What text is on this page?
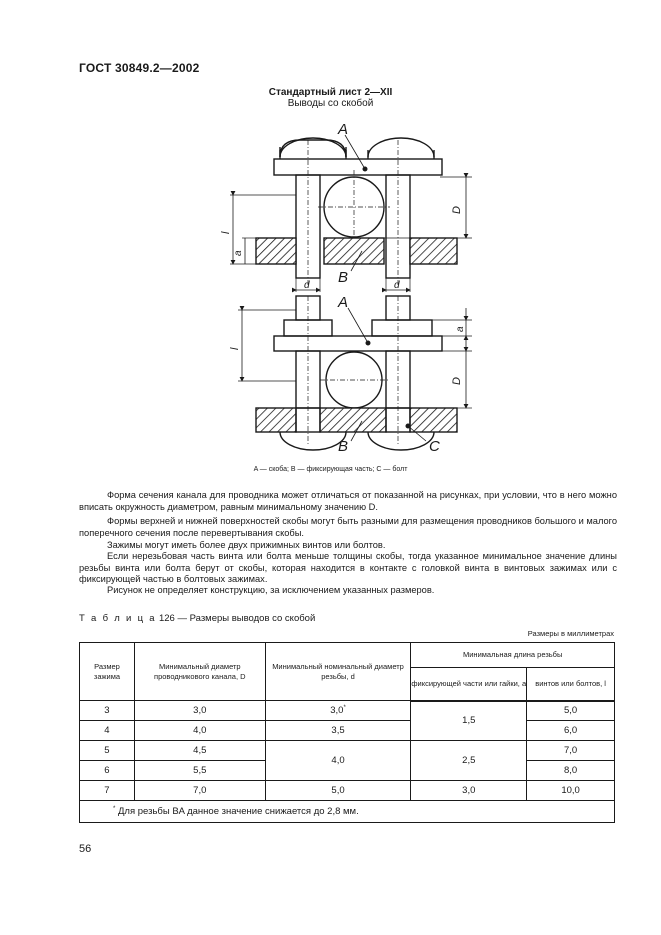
ГОСТ 30849.2—2002
Стандартный лист 2—XII
Выводы со скобой
A
B
d	d
D
l
a
A
a
D
l
B	C
A — скоба; B — фиксирующая часть; C — болт
Форма сечения канала для проводника может отличаться от показанной на рисунках, при условии, что в него можно вписать окружность диаметром, равным минимальному значению D.
Формы верхней и нижней поверхностей скобы могут быть разными для размещения проводников большого и малого поперечного сечения после перевертывания скобы.
Зажимы могут иметь более двух прижимных винтов или болтов.
Если нерезьбовая часть винта или болта меньше толщины скобы, тогда указанное минимальное значение длины резьбы винта или болта берут от скобы, которая находится в контакте с головкой винта в винтовых зажимах или с фиксирующей частью в болтовых зажимах.
Рисунок не определяет конструкцию, за исключением указанных размеров.
Т а б л и ц а 126 — Размеры выводов со скобой
Размеры в миллиметрах
Размер зажима	Минимальный диаметр проводникового канала, D	Минимальный номинальный диаметр резьбы, d	Минимальная длина резьбы	
			фиксирующей части или гайки, a	винтов или болтов, l
3	3,0	3,0*	1,5	5,0
4	4,0	3,5		6,0
5	4,5	4,0	2,5	7,0
6	5,5			8,0
7	7,0	5,0	3,0	10,0
* Для резьбы BA данное значение снижается до 2,8 мм.				
56
